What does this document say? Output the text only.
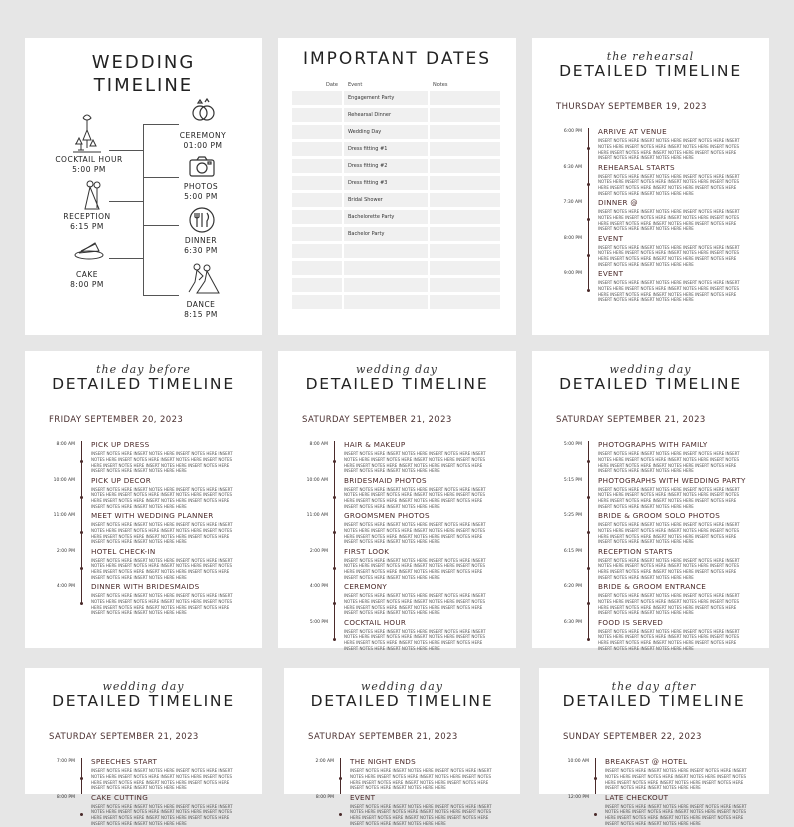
WEDDING
TIMELINE
COCKTAIL HOUR
5:00 PM
RECEPTION
6:15 PM
CAKE
8:00 PM
CEREMONY
01:00 PM
PHOTOS
5:00 PM
DINNER
6:30 PM
DANCE
8:15 PM
IMPORTANT DATES
Date Event	Notes
Engagement Party
Rehearsal Dinner
Wedding Day
Dress fitting #1
Dress fitting #2
Dress fitting #3
Bridal Shower
Bachelorette Party
Bachelor Party
the rehearsal
DETAILED TIMELINE
THURSDAY SEPTEMBER 19, 2023
6:00 PM ARRIVE AT VENUE
INSERT NOTES HERE INSERT NOTES HERE INSERT NOTES HERE INSERT NOTES HERE INSERT NOTES HERE INSERT NOTES HERE INSERT NOTES HERE INSERT NOTES HERE INSERT NOTES HERE INSERT NOTES HERE INSERT NOTES HERE INSERT NOTES HERE HERE
6:30 AM REHEARSAL STARTS
INSERT NOTES HERE INSERT NOTES HERE INSERT NOTES HERE INSERT NOTES HERE INSERT NOTES HERE INSERT NOTES HERE INSERT NOTES HERE INSERT NOTES HERE INSERT NOTES HERE INSERT NOTES HERE INSERT NOTES HERE INSERT NOTES HERE HERE
7:30 AM DINNER @
INSERT NOTES HERE INSERT NOTES HERE INSERT NOTES HERE INSERT NOTES HERE INSERT NOTES HERE INSERT NOTES HERE INSERT NOTES HERE INSERT NOTES HERE INSERT NOTES HERE INSERT NOTES HERE INSERT NOTES HERE INSERT NOTES HERE HERE
8:00 PM EVENT
INSERT NOTES HERE INSERT NOTES HERE INSERT NOTES HERE INSERT NOTES HERE INSERT NOTES HERE INSERT NOTES HERE INSERT NOTES HERE INSERT NOTES HERE INSERT NOTES HERE INSERT NOTES HERE INSERT NOTES HERE INSERT NOTES HERE HERE
9:00 PM EVENT
INSERT NOTES HERE INSERT NOTES HERE INSERT NOTES HERE INSERT NOTES HERE INSERT NOTES HERE INSERT NOTES HERE INSERT NOTES HERE INSERT NOTES HERE INSERT NOTES HERE INSERT NOTES HERE INSERT NOTES HERE INSERT NOTES HERE HERE
the day before
DETAILED TIMELINE
FRIDAY SEPTEMBER 20, 2023
8:00 AM PICK UP DRESS
INSERT NOTES HERE INSERT NOTES HERE INSERT NOTES HERE INSERT NOTES HERE INSERT NOTES HERE INSERT NOTES HERE INSERT NOTES HERE INSERT NOTES HERE INSERT NOTES HERE INSERT NOTES HERE INSERT NOTES HERE INSERT NOTES HERE HERE
10:00 AM PICK UP DECOR
INSERT NOTES HERE INSERT NOTES HERE INSERT NOTES HERE INSERT NOTES HERE INSERT NOTES HERE INSERT NOTES HERE INSERT NOTES HERE INSERT NOTES HERE INSERT NOTES HERE INSERT NOTES HERE INSERT NOTES HERE INSERT NOTES HERE HERE
11:00 AM MEET WITH WEDDING PLANNER
INSERT NOTES HERE INSERT NOTES HERE INSERT NOTES HERE INSERT NOTES HERE INSERT NOTES HERE INSERT NOTES HERE INSERT NOTES HERE INSERT NOTES HERE INSERT NOTES HERE INSERT NOTES HERE INSERT NOTES HERE INSERT NOTES HERE HERE
2:00 PM HOTEL CHECK-IN
INSERT NOTES HERE INSERT NOTES HERE INSERT NOTES HERE INSERT NOTES HERE INSERT NOTES HERE INSERT NOTES HERE INSERT NOTES HERE INSERT NOTES HERE INSERT NOTES HERE INSERT NOTES HERE INSERT NOTES HERE INSERT NOTES HERE HERE
4:00 PM DINNER WITH BRIDESMAIDS
INSERT NOTES HERE INSERT NOTES HERE INSERT NOTES HERE INSERT NOTES HERE INSERT NOTES HERE INSERT NOTES HERE INSERT NOTES HERE INSERT NOTES HERE INSERT NOTES HERE INSERT NOTES HERE INSERT NOTES HERE INSERT NOTES HERE HERE
wedding day
DETAILED TIMELINE
SATURDAY SEPTEMBER 21, 2023
8:00 AM HAIR & MAKEUP
INSERT NOTES HERE INSERT NOTES HERE INSERT NOTES HERE INSERT NOTES HERE INSERT NOTES HERE INSERT NOTES HERE INSERT NOTES HERE INSERT NOTES HERE INSERT NOTES HERE INSERT NOTES HERE INSERT NOTES HERE INSERT NOTES HERE HERE
10:00 AM BRIDESMAID PHOTOS
INSERT NOTES HERE INSERT NOTES HERE INSERT NOTES HERE INSERT NOTES HERE INSERT NOTES HERE INSERT NOTES HERE INSERT NOTES HERE INSERT NOTES HERE INSERT NOTES HERE INSERT NOTES HERE INSERT NOTES HERE INSERT NOTES HERE HERE
11:00 AM GROOMSMEN PHOTOS
INSERT NOTES HERE INSERT NOTES HERE INSERT NOTES HERE INSERT NOTES HERE INSERT NOTES HERE INSERT NOTES HERE INSERT NOTES HERE INSERT NOTES HERE INSERT NOTES HERE INSERT NOTES HERE INSERT NOTES HERE INSERT NOTES HERE HERE
2:00 PM FIRST LOOK
INSERT NOTES HERE INSERT NOTES HERE INSERT NOTES HERE INSERT NOTES HERE INSERT NOTES HERE INSERT NOTES HERE INSERT NOTES HERE INSERT NOTES HERE INSERT NOTES HERE INSERT NOTES HERE INSERT NOTES HERE INSERT NOTES HERE HERE
4:00 PM CEREMONY
INSERT NOTES HERE INSERT NOTES HERE INSERT NOTES HERE INSERT NOTES HERE INSERT NOTES HERE INSERT NOTES HERE INSERT NOTES HERE INSERT NOTES HERE INSERT NOTES HERE INSERT NOTES HERE INSERT NOTES HERE INSERT NOTES HERE HERE
5:00 PM COCKTAIL HOUR
INSERT NOTES HERE INSERT NOTES HERE INSERT NOTES HERE INSERT NOTES HERE INSERT NOTES HERE INSERT NOTES HERE INSERT NOTES HERE INSERT NOTES HERE INSERT NOTES HERE INSERT NOTES HERE INSERT NOTES HERE INSERT NOTES HERE HERE
wedding day
DETAILED TIMELINE
SATURDAY SEPTEMBER 21, 2023
5:00 PM PHOTOGRAPHS WITH FAMILY
INSERT NOTES HERE INSERT NOTES HERE INSERT NOTES HERE INSERT NOTES HERE INSERT NOTES HERE INSERT NOTES HERE INSERT NOTES HERE INSERT NOTES HERE INSERT NOTES HERE INSERT NOTES HERE INSERT NOTES HERE INSERT NOTES HERE HERE
5:15 PM PHOTOGRAPHS WITH WEDDING PARTY
INSERT NOTES HERE INSERT NOTES HERE INSERT NOTES HERE INSERT NOTES HERE INSERT NOTES HERE INSERT NOTES HERE INSERT NOTES HERE INSERT NOTES HERE INSERT NOTES HERE INSERT NOTES HERE INSERT NOTES HERE INSERT NOTES HERE HERE
5:25 PM BRIDE & GROOM SOLO PHOTOS
INSERT NOTES HERE INSERT NOTES HERE INSERT NOTES HERE INSERT NOTES HERE INSERT NOTES HERE INSERT NOTES HERE INSERT NOTES HERE INSERT NOTES HERE INSERT NOTES HERE INSERT NOTES HERE INSERT NOTES HERE INSERT NOTES HERE HERE
6:15 PM RECEPTION STARTS
INSERT NOTES HERE INSERT NOTES HERE INSERT NOTES HERE INSERT NOTES HERE INSERT NOTES HERE INSERT NOTES HERE INSERT NOTES HERE INSERT NOTES HERE INSERT NOTES HERE INSERT NOTES HERE INSERT NOTES HERE INSERT NOTES HERE HERE
6:20 PM BRIDE & GROOM ENTRANCE
INSERT NOTES HERE INSERT NOTES HERE INSERT NOTES HERE INSERT NOTES HERE INSERT NOTES HERE INSERT NOTES HERE INSERT NOTES HERE INSERT NOTES HERE INSERT NOTES HERE INSERT NOTES HERE INSERT NOTES HERE INSERT NOTES HERE HERE
6:30 PM FOOD IS SERVED
INSERT NOTES HERE INSERT NOTES HERE INSERT NOTES HERE INSERT NOTES HERE INSERT NOTES HERE INSERT NOTES HERE INSERT NOTES HERE INSERT NOTES HERE INSERT NOTES HERE INSERT NOTES HERE INSERT NOTES HERE INSERT NOTES HERE HERE
wedding day
DETAILED TIMELINE
SATURDAY SEPTEMBER 21, 2023
7:00 PM SPEECHES START
INSERT NOTES HERE INSERT NOTES HERE INSERT NOTES HERE INSERT NOTES HERE INSERT NOTES HERE INSERT NOTES HERE INSERT NOTES HERE INSERT NOTES HERE INSERT NOTES HERE INSERT NOTES HERE INSERT NOTES HERE INSERT NOTES HERE HERE
8:00 PM CAKE CUTTING
INSERT NOTES HERE INSERT NOTES HERE INSERT NOTES HERE INSERT NOTES HERE INSERT NOTES HERE INSERT NOTES HERE INSERT NOTES HERE INSERT NOTES HERE INSERT NOTES HERE INSERT NOTES HERE INSERT NOTES HERE INSERT NOTES HERE HERE
wedding day
DETAILED TIMELINE
SATURDAY SEPTEMBER 21, 2023
2:00 AM THE NIGHT ENDS
INSERT NOTES HERE INSERT NOTES HERE INSERT NOTES HERE INSERT NOTES HERE INSERT NOTES HERE INSERT NOTES HERE INSERT NOTES HERE INSERT NOTES HERE INSERT NOTES HERE INSERT NOTES HERE INSERT NOTES HERE INSERT NOTES HERE HERE
8:00 PM EVENT
INSERT NOTES HERE INSERT NOTES HERE INSERT NOTES HERE INSERT NOTES HERE INSERT NOTES HERE INSERT NOTES HERE INSERT NOTES HERE INSERT NOTES HERE INSERT NOTES HERE INSERT NOTES HERE INSERT NOTES HERE INSERT NOTES HERE HERE
the day after
DETAILED TIMELINE
SUNDAY SEPTEMBER 22, 2023
10:00 AM BREAKFAST @ HOTEL
INSERT NOTES HERE INSERT NOTES HERE INSERT NOTES HERE INSERT NOTES HERE INSERT NOTES HERE INSERT NOTES HERE INSERT NOTES HERE INSERT NOTES HERE INSERT NOTES HERE INSERT NOTES HERE INSERT NOTES HERE INSERT NOTES HERE HERE
12:00 PM LATE CHECKOUT
INSERT NOTES HERE INSERT NOTES HERE INSERT NOTES HERE INSERT NOTES HERE INSERT NOTES HERE INSERT NOTES HERE INSERT NOTES HERE INSERT NOTES HERE INSERT NOTES HERE INSERT NOTES HERE INSERT NOTES HERE INSERT NOTES HERE HERE
